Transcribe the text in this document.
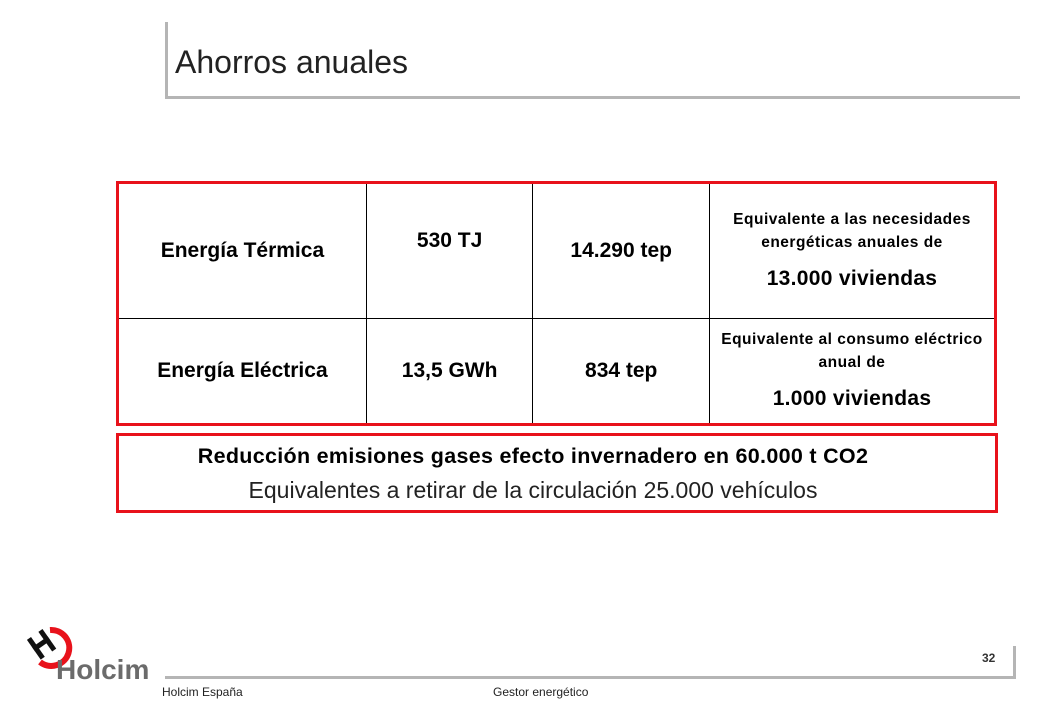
Ahorros anuales
Energía Térmica	530 TJ	14.290 tep	Equivalente a las necesidades energéticas anuales de
13.000 viviendas

Energía Eléctrica	13,5 GWh	834 tep	Equivalente al consumo eléctrico anual de
1.000 viviendas
Reducción emisiones gases efecto invernadero en 60.000 t CO2
Equivalentes a retirar de la circulación 25.000 vehículos
Holcim	32
Holcim España	Gestor energético
